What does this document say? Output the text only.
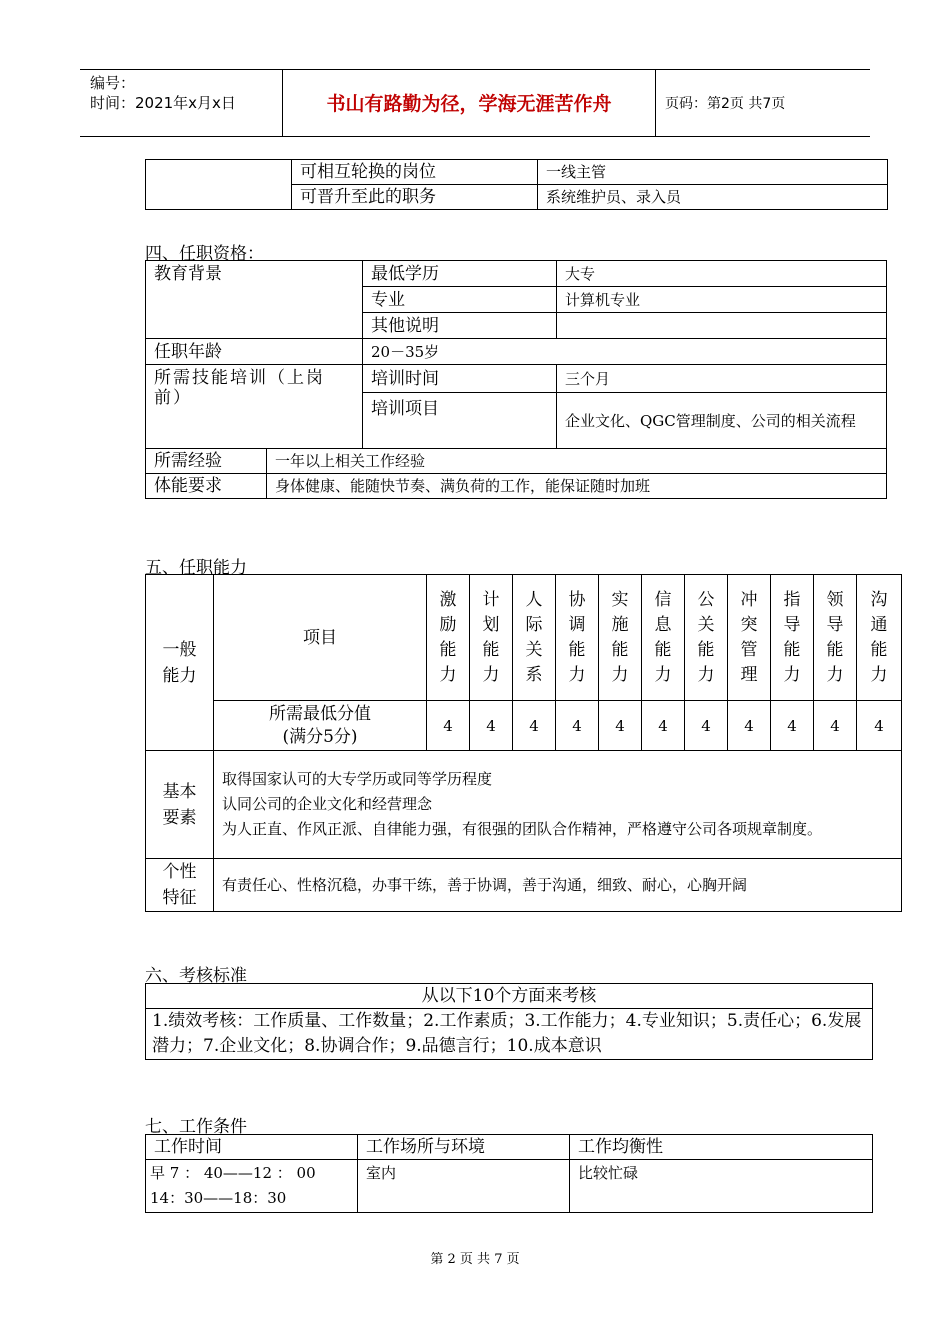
编号：
时间：2021年x月x日	书山有路勤为径，学海无涯苦作舟	页码：第2页 共7页
	可相互轮换的岗位	一线主管
	可晋升至此的职务	系统维护员、录入员
四、任职资格：
教育背景		最低学历	大专
		专业	计算机专业
		其他说明	
任职年龄		20－35岁	
所需技能培训（上岗前）		培训时间	三个月
		培训项目	企业文化、QGC管理制度、公司的相关流程
所需经验	一年以上相关工作经验		
体能要求	身体健康、能随快节奏、满负荷的工作，能保证随时加班		
五、任职能力
一般能力	项目	激励能力	计划能力	人际关系	协调能力	实施能力	信息能力	公关能力	冲突管理	指导能力	领导能力	沟通能力

	所需最低分值
(满分5分)	4	4	4	4	4	4	4	4	4	4	4

基本要素	取得国家认可的大专学历或同等学历程度
认同公司的企业文化和经营理念
为人正直、作风正派、自律能力强，有很强的团队合作精神，严格遵守公司各项规章制度。											

个性特征	有责任心、性格沉稳，办事干练，善于协调，善于沟通，细致、耐心，心胸开阔											
六、考核标准
从以下10个方面来考核
1.绩效考核：工作质量、工作数量；2.工作素质；3.工作能力；4.专业知识；5.责任心；6.发展潜力；7.企业文化；8.协调合作；9.品德言行；10.成本意识
七、工作条件
工作时间	工作场所与环境	工作均衡性

早 7 ： 40——12 ： 00
14：30——18：30	室内	比较忙碌
第 2 页 共 7 页
